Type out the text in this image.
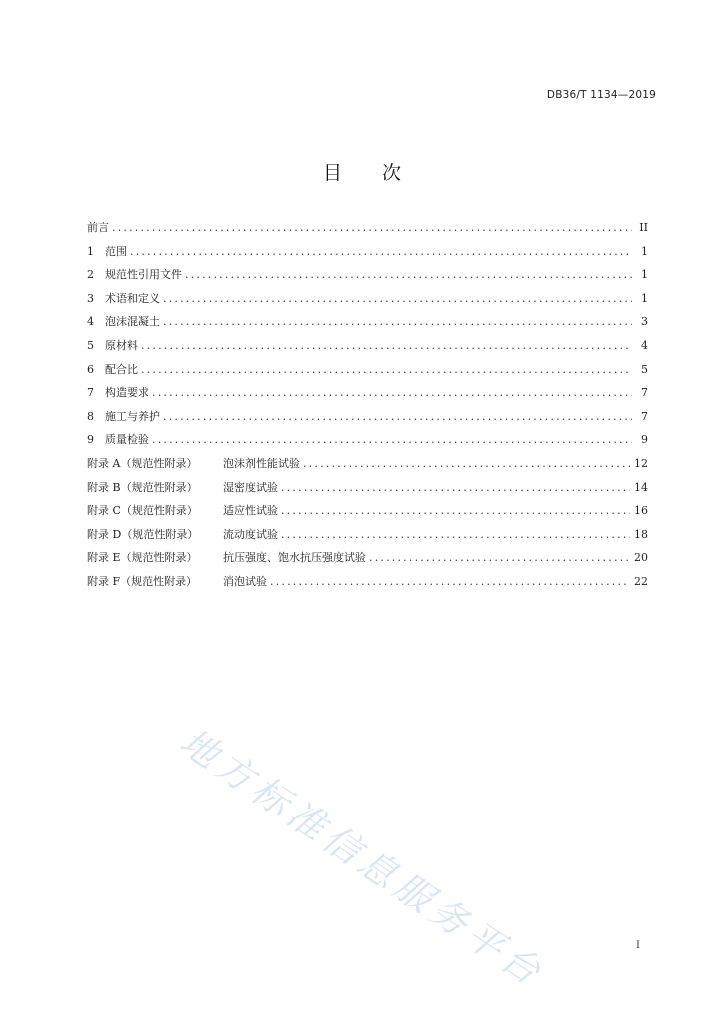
DB36/T 1134—2019
目次
前言 .....	II
1	范围 .....	1
2	规范性引用文件 .....	1
3	术语和定义 .....	1
4	泡沫混凝土 .....	3
5	原材料 .....	4
6	配合比 .....	5
7	构造要求 .....	7
8	施工与养护 .....	7
9	质量检验 .....	9
附录 A（规范性附录）	泡沫剂性能试验 .....	12
附录 B（规范性附录）	湿密度试验 .....	14
附录 C（规范性附录）	适应性试验 .....	16
附录 D（规范性附录）	流动度试验 .....	18
附录 E（规范性附录）	抗压强度、饱水抗压强度试验 .....	20
附录 F（规范性附录）	消泡试验 .....	22
地方标准信息服务平台	I
